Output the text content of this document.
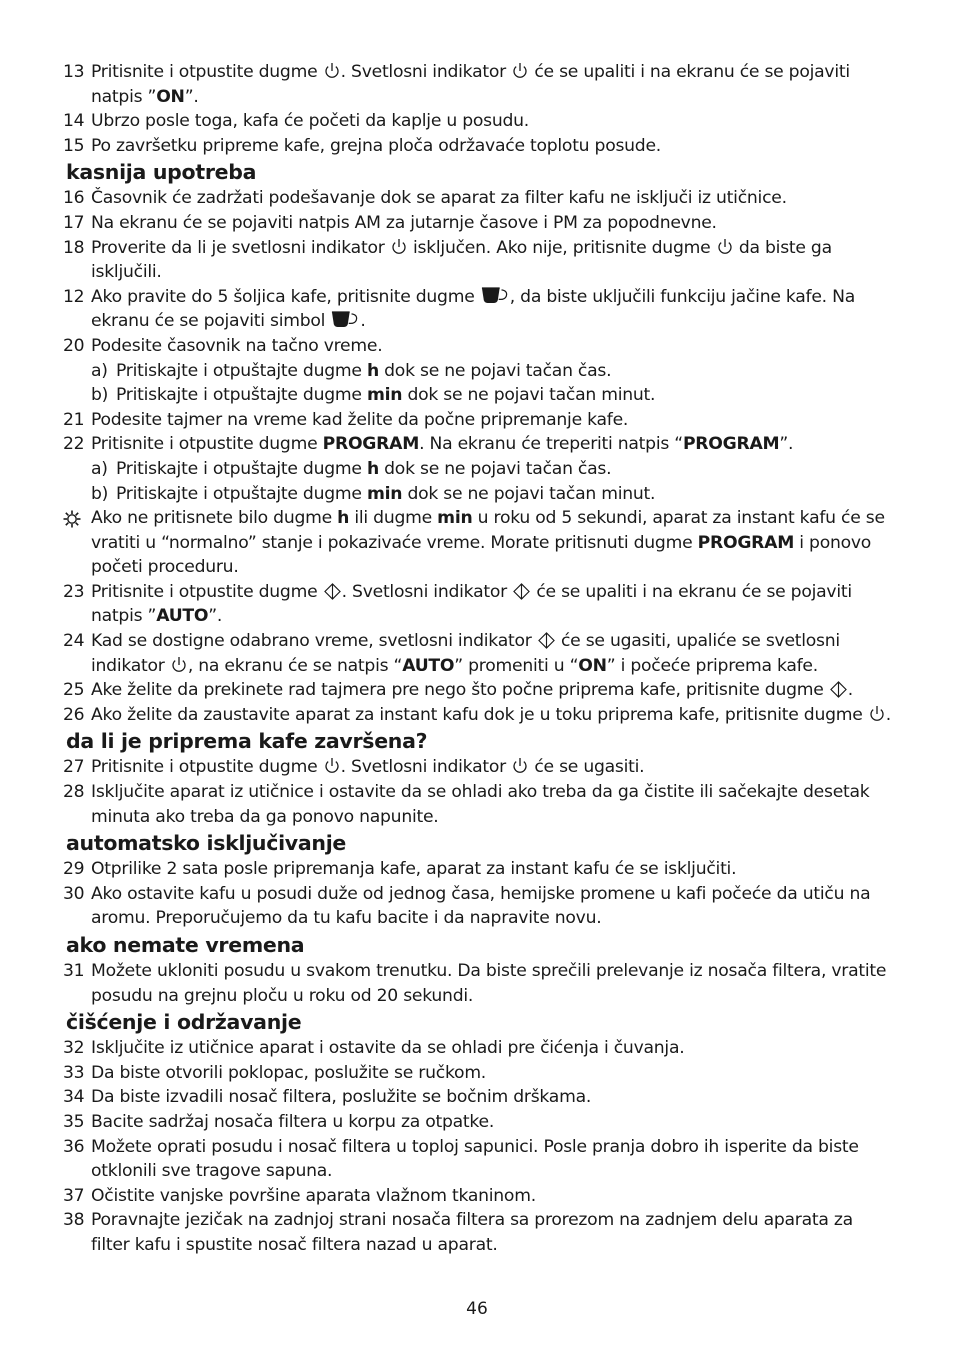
13 Pritisnite i otpustite dugme . Svetlosni indikator  će se upaliti i na ekranu će se pojaviti natpis ”ON”.
14 Ubrzo posle toga, kafa će početi da kaplje u posudu.
15 Po završetku pripreme kafe, grejna ploča održavaće toplotu posude.
kasnija upotreba
16 Časovnik će zadržati podešavanje dok se aparat za filter kafu ne isključi iz utičnice.
17 Na ekranu će se pojaviti natpis AM za jutarnje časove i PM za popodnevne.
18 Proverite da li je svetlosni indikator  isključen. Ako nije, pritisnite dugme  da biste ga isključili.
12 Ako pravite do 5 šoljica kafe, pritisnite dugme , da biste uključili funkciju jačine kafe. Na ekranu će se pojaviti simbol .
20 Podesite časovnik na tačno vreme.
a) Pritiskajte i otpuštajte dugme h dok se ne pojavi tačan čas.
b) Pritiskajte i otpuštajte dugme min dok se ne pojavi tačan minut.
21 Podesite tajmer na vreme kad želite da počne pripremanje kafe.
22 Pritisnite i otpustite dugme PROGRAM. Na ekranu će treperiti natpis “PROGRAM”.
a) Pritiskajte i otpuštajte dugme h dok se ne pojavi tačan čas.
b) Pritiskajte i otpuštajte dugme min dok se ne pojavi tačan minut.
Ako ne pritisnete bilo dugme h ili dugme min u roku od 5 sekundi, aparat za instant kafu će se vratiti u “normalno” stanje i pokazivaće vreme. Morate pritisnuti dugme PROGRAM i ponovo početi proceduru.
23 Pritisnite i otpustite dugme . Svetlosni indikator  će se upaliti i na ekranu će se pojaviti natpis ”AUTO”.
24 Kad se dostigne odabrano vreme, svetlosni indikator  će se ugasiti, upaliće se svetlosni indikator , na ekranu će se natpis “AUTO” promeniti u “ON” i počeće priprema kafe.
25 Ake želite da prekinete rad tajmera pre nego što počne priprema kafe, pritisnite dugme .
26 Ako želite da zaustavite aparat za instant kafu dok je u toku priprema kafe, pritisnite dugme .
da li je priprema kafe završena?
27 Pritisnite i otpustite dugme . Svetlosni indikator  će se ugasiti.
28 Isključite aparat iz utičnice i ostavite da se ohladi ako treba da ga čistite ili sačekajte desetak minuta ako treba da ga ponovo napunite.
automatsko isključivanje
29 Otprilike 2 sata posle pripremanja kafe, aparat za instant kafu će se isključiti.
30 Ako ostavite kafu u posudi duže od jednog časa, hemijske promene u kafi počeće da utiču na aromu. Preporučujemo da tu kafu bacite i da napravite novu.
ako nemate vremena
31 Možete ukloniti posudu u svakom trenutku. Da biste sprečili prelevanje iz nosača filtera, vratite posudu na grejnu ploču u roku od 20 sekundi.
čišćenje i održavanje
32 Isključite iz utičnice aparat i ostavite da se ohladi pre čićenja i čuvanja.
33 Da biste otvorili poklopac, poslužite se ručkom.
34 Da biste izvadili nosač filtera, poslužite se bočnim drškama.
35 Bacite sadržaj nosača filtera u korpu za otpatke.
36 Možete oprati posudu i nosač filtera u toploj sapunici. Posle pranja dobro ih isperite da biste otklonili sve tragove sapuna.
37 Očistite vanjske površine aparata vlažnom tkaninom.
38 Poravnajte jezičak na zadnjoj strani nosača filtera sa prorezom na zadnjem delu aparata za filter kafu i spustite nosač filtera nazad u aparat.
46
